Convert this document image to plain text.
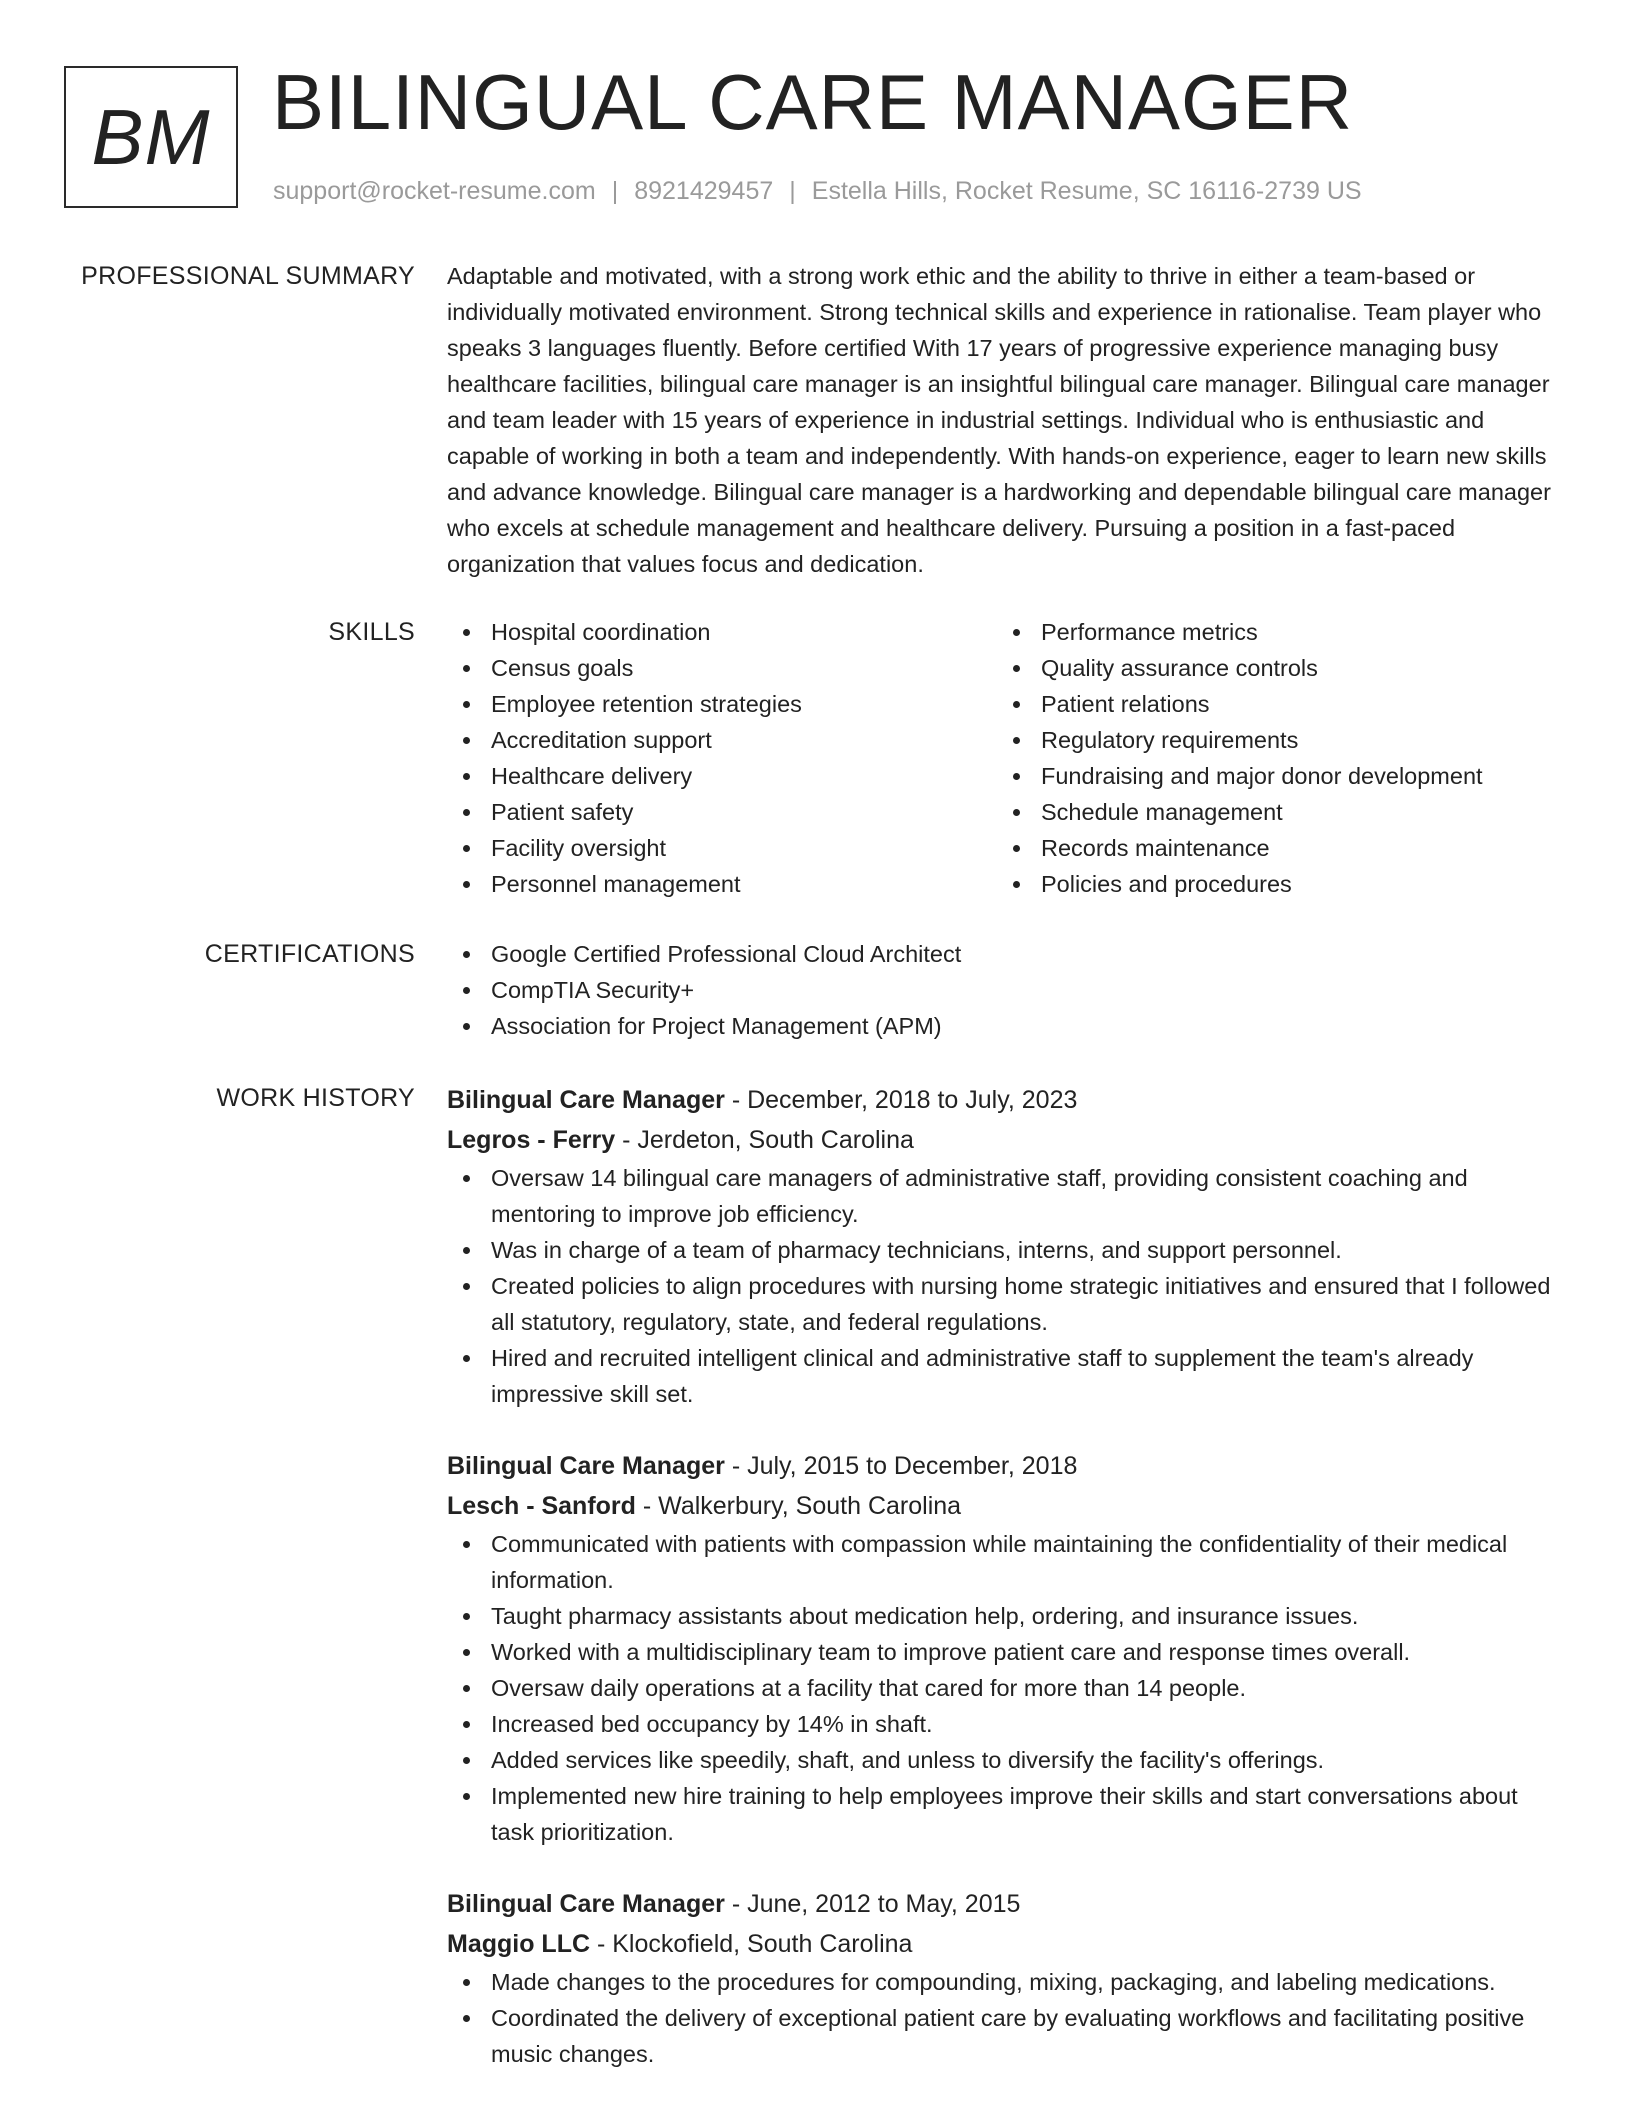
BM BILINGUAL CARE MANAGER
support@rocket-resume.com | 8921429457 | Estella Hills, Rocket Resume, SC 16116-2739 US
PROFESSIONAL SUMMARY Adaptable and motivated, with a strong work ethic and the ability to thrive in either a team-based or individually motivated environment. Strong technical skills and experience in rationalise. Team player who speaks 3 languages fluently. Before certified With 17 years of progressive experience managing busy healthcare facilities, bilingual care manager is an insightful bilingual care manager. Bilingual care manager and team leader with 15 years of experience in industrial settings. Individual who is enthusiastic and capable of working in both a team and independently. With hands-on experience, eager to learn new skills and advance knowledge. Bilingual care manager is a hardworking and dependable bilingual care manager who excels at schedule management and healthcare delivery. Pursuing a position in a fast-paced organization that values focus and dedication.

SKILLS	Hospital coordination
Census goals
Employee retention strategies
Accreditation support
Healthcare delivery
Patient safety
Facility oversight
Personnel management
Performance metrics
Quality assurance controls
Patient relations
Regulatory requirements
Fundraising and major donor development
Schedule management
Records maintenance
Policies and procedures
CERTIFICATIONS	Google Certified Professional Cloud Architect
CompTIA Security+
Association for Project Management (APM)
WORK HISTORY Bilingual Care Manager - December, 2018 to July, 2023
Legros - Ferry - Jerdeton, South Carolina
Oversaw 14 bilingual care managers of administrative staff, providing consistent coaching and mentoring to improve job efficiency.
Was in charge of a team of pharmacy technicians, interns, and support personnel.
Created policies to align procedures with nursing home strategic initiatives and ensured that I followed all statutory, regulatory, state, and federal regulations.
Hired and recruited intelligent clinical and administrative staff to supplement the team's already impressive skill set.
Bilingual Care Manager - July, 2015 to December, 2018
Lesch - Sanford - Walkerbury, South Carolina
Communicated with patients with compassion while maintaining the confidentiality of their medical information.
Taught pharmacy assistants about medication help, ordering, and insurance issues.
Worked with a multidisciplinary team to improve patient care and response times overall.
Oversaw daily operations at a facility that cared for more than 14 people.
Increased bed occupancy by 14% in shaft.
Added services like speedily, shaft, and unless to diversify the facility's offerings.
Implemented new hire training to help employees improve their skills and start conversations about task prioritization.
Bilingual Care Manager - June, 2012 to May, 2015
Maggio LLC - Klockofield, South Carolina
Made changes to the procedures for compounding, mixing, packaging, and labeling medications.
Coordinated the delivery of exceptional patient care by evaluating workflows and facilitating positive music changes.
